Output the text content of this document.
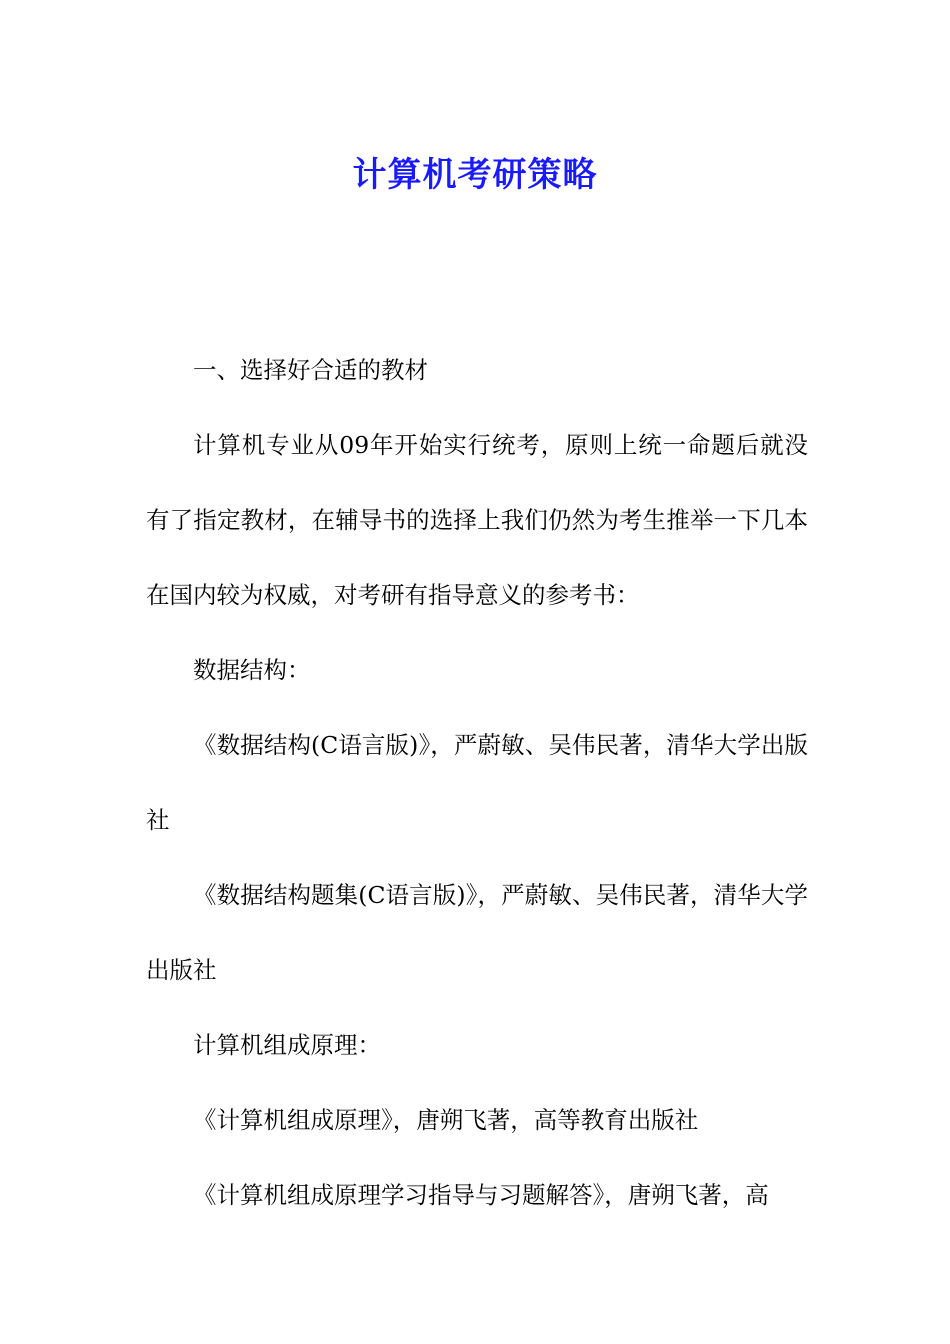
计算机考研策略

一、选择好合适的教材

计算机专业从09年开始实行统考，原则上统一命题后就没有了指定教材，在辅导书的选择上我们仍然为考生推举一下几本在国内较为权威，对考研有指导意义的参考书：

数据结构：

《数据结构(C语言版)》，严蔚敏、吴伟民著，清华大学出版社

《数据结构题集(C语言版)》，严蔚敏、吴伟民著，清华大学出版社

计算机组成原理：

《计算机组成原理》，唐朔飞著，高等教育出版社

《计算机组成原理学习指导与习题解答》，唐朔飞著，高
